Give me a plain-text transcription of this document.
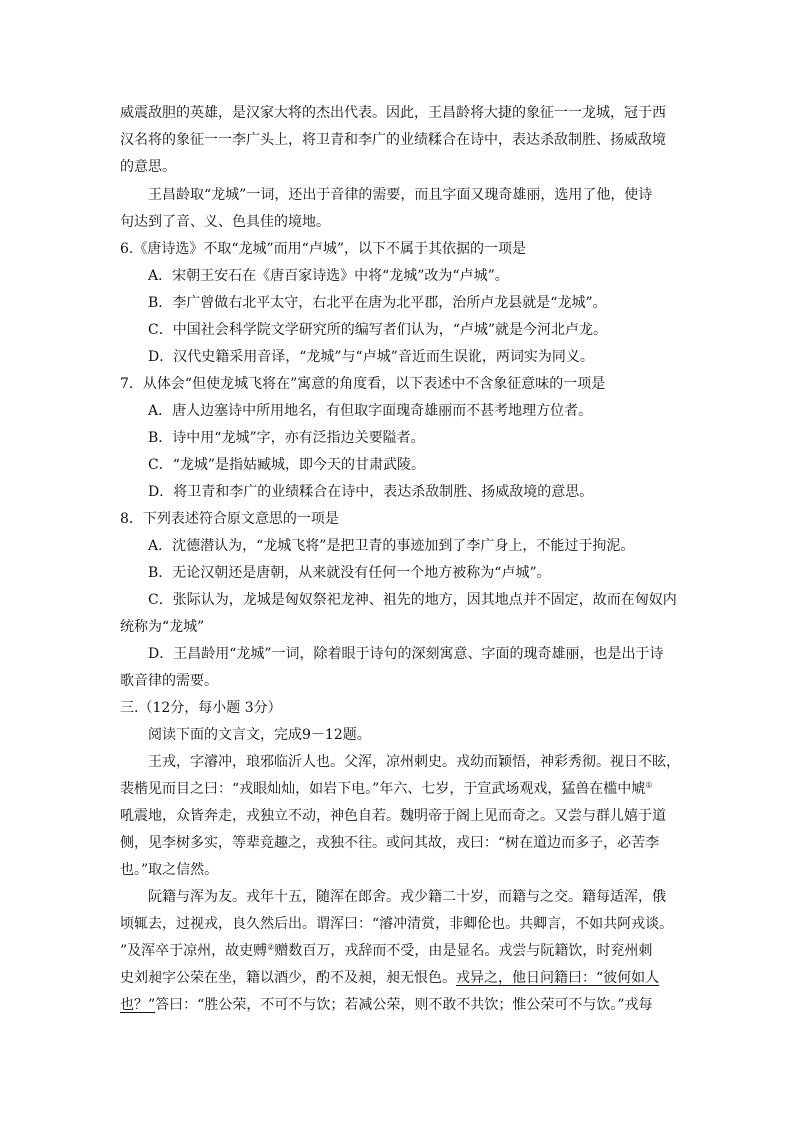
威震敌胆的英雄，是汉家大将的杰出代表。因此，王昌龄将大捷的象征一一龙城，冠于西
汉名将的象征一一李广头上，将卫青和李广的业绩糅合在诗中，表达杀敌制胜、扬威敌境
的意思。
王昌龄取“龙城”一词，还出于音律的需要，而且字面又瑰奇雄丽，选用了他，使诗
句达到了音、义、色具佳的境地。
6.《唐诗选》不取“龙城”而用“卢城”，以下不属于其依据的一项是
A．宋朝王安石在《唐百家诗选》中将“龙城”改为“卢城”。
B．李广曾做右北平太守，右北平在唐为北平郡，治所卢龙县就是“龙城”。
C．中国社会科学院文学研究所的编写者们认为，“卢城”就是今河北卢龙。
D．汉代史籍采用音译，“龙城”与“卢城”音近而生误讹，两词实为同义。
7．从体会“但使龙城飞将在”寓意的角度看，以下表述中不含象征意味的一项是
A．唐人边塞诗中所用地名，有但取字面瑰奇雄丽而不甚考地理方位者。
B．诗中用“龙城”字，亦有泛指边关要隘者。
C．“龙城”是指姑臧城，即今天的甘肃武陵。
D．将卫青和李广的业绩糅合在诗中，表达杀敌制胜、扬威敌境的意思。
8．下列表述符合原文意思的一项是
A．沈德潜认为，“龙城飞将”是把卫青的事迹加到了李广身上，不能过于拘泥。
B．无论汉朝还是唐朝，从来就没有任何一个地方被称为“卢城”。
C．张际认为，龙城是匈奴祭祀龙神、祖先的地方，因其地点并不固定，故而在匈奴内
统称为“龙城”
D．王昌龄用“龙城”一词，除着眼于诗句的深刻寓意、字面的瑰奇雄丽，也是出于诗
歌音律的需要。
三.（12分，每小题 3分）
阅读下面的文言文，完成9－12题。
王戎，字濬冲，琅邪临沂人也。父浑，凉州刺史。戎幼而颖悟，神彩秀彻。视日不眩，
裴楷见而目之曰：“戎眼灿灿，如岩下电。”年六、七岁，于宣武场观戏，猛兽在槛中虓①
吼震地，众皆奔走，戎独立不动，神色自若。魏明帝于阁上见而奇之。又尝与群儿嬉于道
侧，见李树多实，等辈竞趣之，戎独不往。或问其故，戎曰：“树在道边而多子，必苦李
也。”取之信然。
阮籍与浑为友。戎年十五，随浑在郎舍。戎少籍二十岁，而籍与之交。籍每适浑，俄
顷辄去，过视戎，良久然后出。谓浑曰：“濬冲清赏，非卿伦也。共卿言，不如共阿戎谈。
”及浑卒于凉州，故吏赙②赠数百万，戎辞而不受，由是显名。戎尝与阮籍饮，时兖州刺
史刘昶字公荣在坐，籍以酒少，酌不及昶，昶无恨色。戎异之，他日问籍曰：“彼何如人
也？”答曰：“胜公荣，不可不与饮；若减公荣，则不敢不共饮；惟公荣可不与饮。”戎每
